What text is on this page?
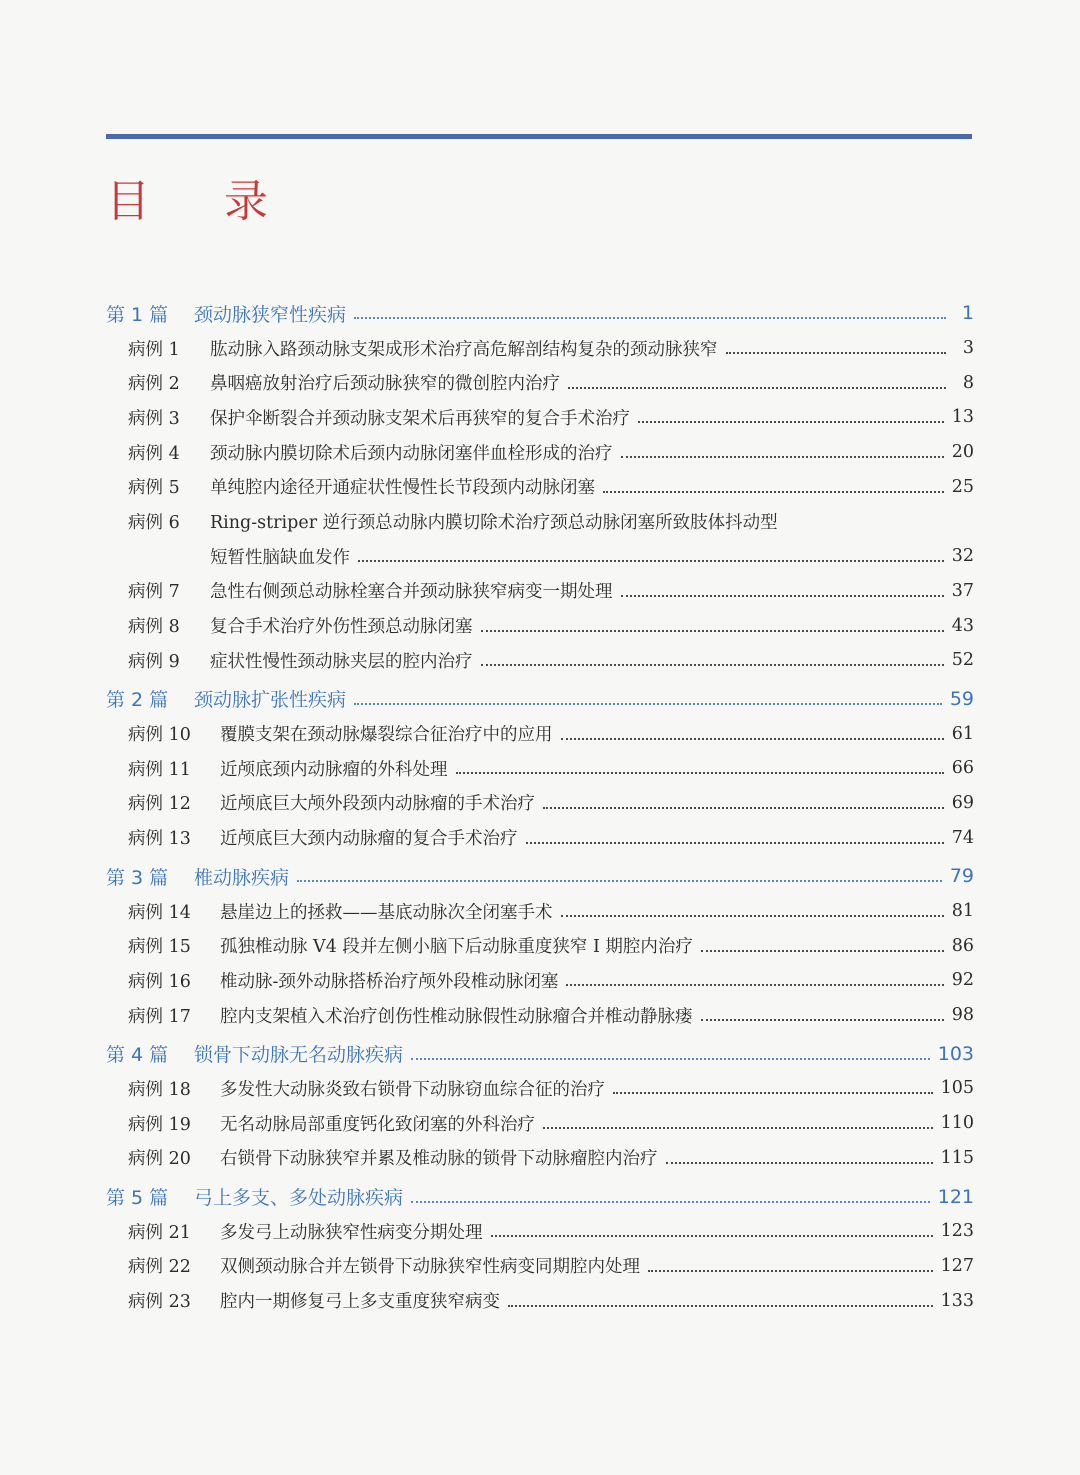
目 录
第 1 篇	颈动脉狭窄性疾病	1
病例 1	肱动脉入路颈动脉支架成形术治疗高危解剖结构复杂的颈动脉狭窄	3
病例 2	鼻咽癌放射治疗后颈动脉狭窄的微创腔内治疗	8
病例 3	保护伞断裂合并颈动脉支架术后再狭窄的复合手术治疗	13
病例 4	颈动脉内膜切除术后颈内动脉闭塞伴血栓形成的治疗	20
病例 5	单纯腔内途径开通症状性慢性长节段颈内动脉闭塞	25
病例 6	Ring-striper 逆行颈总动脉内膜切除术治疗颈总动脉闭塞所致肢体抖动型
短暂性脑缺血发作	32
病例 7	急性右侧颈总动脉栓塞合并颈动脉狭窄病变一期处理	37
病例 8	复合手术治疗外伤性颈总动脉闭塞	43
病例 9	症状性慢性颈动脉夹层的腔内治疗	52
第 2 篇	颈动脉扩张性疾病	59
病例 10	覆膜支架在颈动脉爆裂综合征治疗中的应用	61
病例 11	近颅底颈内动脉瘤的外科处理	66
病例 12	近颅底巨大颅外段颈内动脉瘤的手术治疗	69
病例 13	近颅底巨大颈内动脉瘤的复合手术治疗	74
第 3 篇	椎动脉疾病	79
病例 14	悬崖边上的拯救——基底动脉次全闭塞手术	81
病例 15	孤独椎动脉 V4 段并左侧小脑下后动脉重度狭窄 Ⅰ 期腔内治疗	86
病例 16	椎动脉-颈外动脉搭桥治疗颅外段椎动脉闭塞	92
病例 17	腔内支架植入术治疗创伤性椎动脉假性动脉瘤合并椎动静脉瘘	98
第 4 篇	锁骨下动脉无名动脉疾病	103
病例 18	多发性大动脉炎致右锁骨下动脉窃血综合征的治疗	105
病例 19	无名动脉局部重度钙化致闭塞的外科治疗	110
病例 20	右锁骨下动脉狭窄并累及椎动脉的锁骨下动脉瘤腔内治疗	115
第 5 篇	弓上多支、多处动脉疾病	121
病例 21	多发弓上动脉狭窄性病变分期处理	123
病例 22	双侧颈动脉合并左锁骨下动脉狭窄性病变同期腔内处理	127
病例 23	腔内一期修复弓上多支重度狭窄病变	133
